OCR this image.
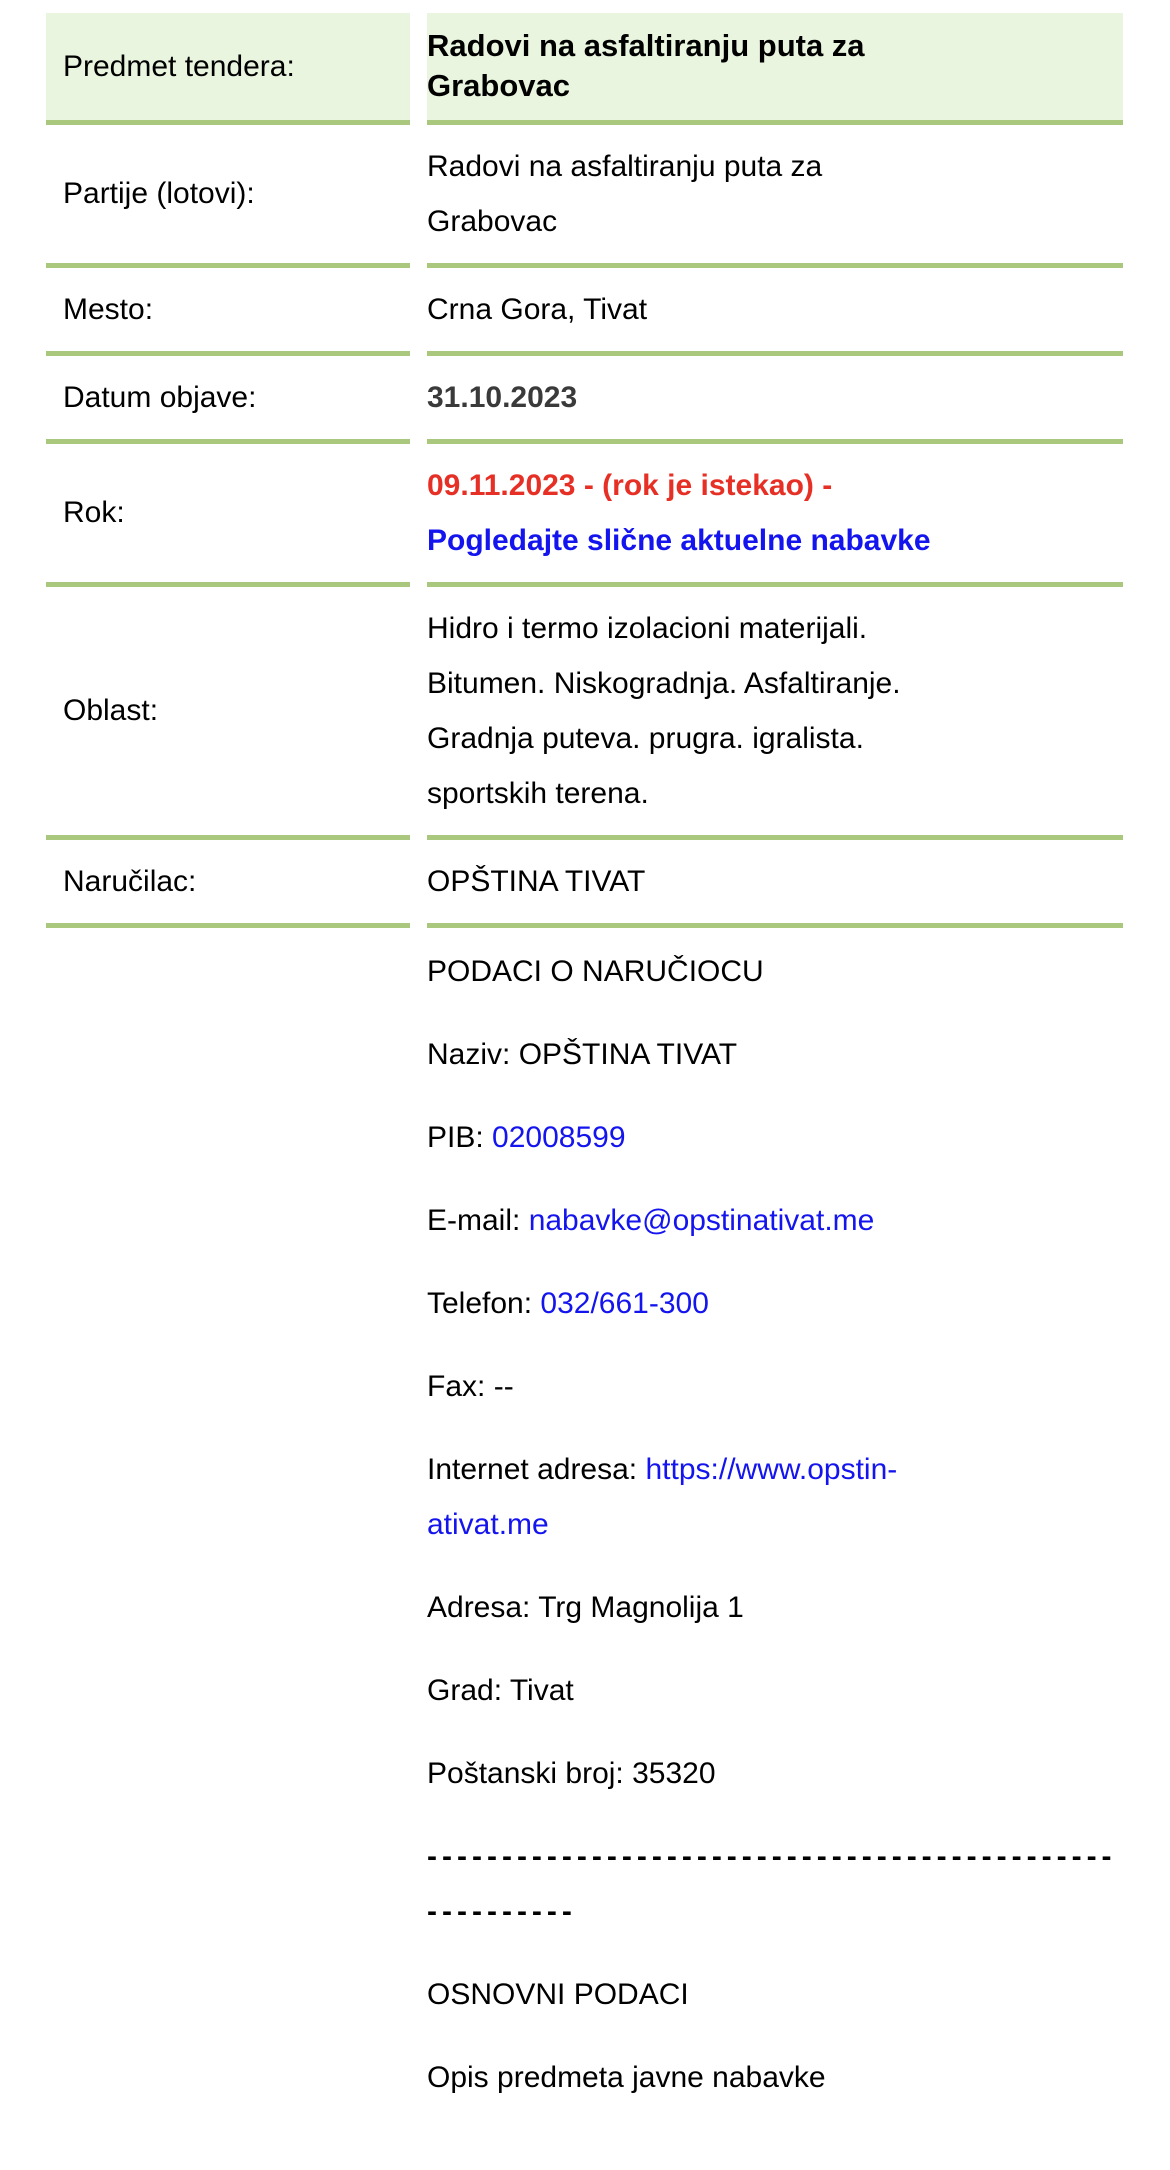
Predmet tendera:
Radovi na asfaltiranju puta za
Grabovac
Partije (lotovi):
Radovi na asfaltiranju puta za
Grabovac
Mesto:	Crna Gora, Tivat
Datum objave:	31.10.2023
Rok:
09.11.2023 - (rok je istekao) -
Pogledajte slične aktuelne nabavke
Oblast:
Hidro i termo izolacioni materijali.
Bitumen. Niskogradnja. Asfaltiranje.
Gradnja puteva. prugra. igralista.
sportskih terena.
Naručilac:	OPŠTINA TIVAT

PODACI O NARUČIOCU

Naziv: OPŠTINA TIVAT

PIB: 02008599

E-mail: nabavke@opstinativat.me

Telefon: 032/661-300

Fax: --

Internet adresa: https://www.opstin-
ativat.me

Adresa: Trg Magnolija 1

Grad: Tivat

Poštanski broj: 35320

--------------------------------------------------------

OSNOVNI PODACI

Opis predmeta javne nabavke
